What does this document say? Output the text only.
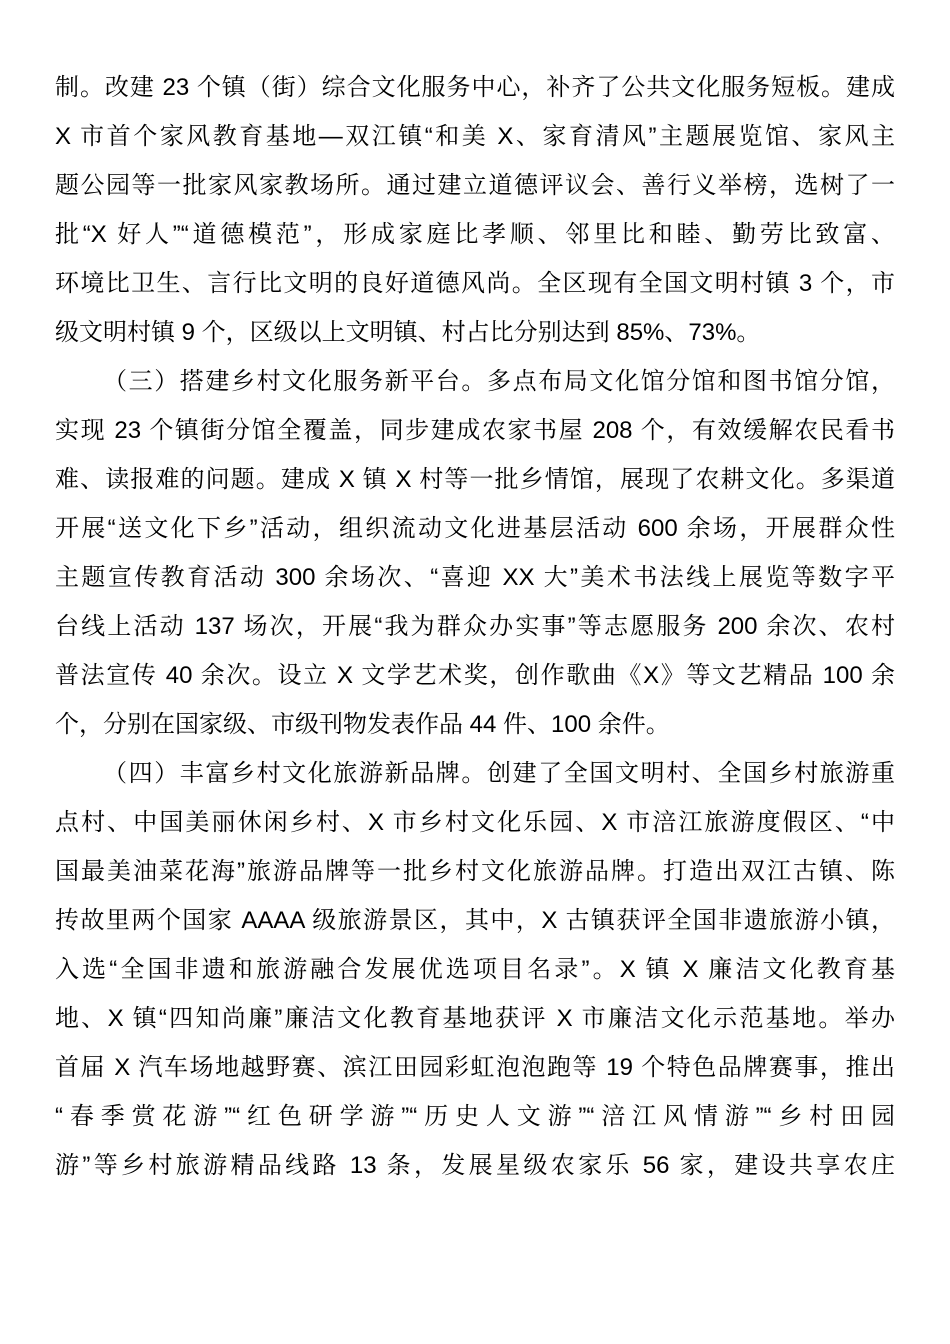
制。改建 23 个镇（街）综合文化服务中心，补齐了公共文化服务短板。建成
X 市首个家风教育基地—双江镇“和美 X、家育清风”主题展览馆、家风主
题公园等一批家风家教场所。通过建立道德评议会、善行义举榜，选树了一
批“X 好人”“道德模范”，形成家庭比孝顺、邻里比和睦、勤劳比致富、
环境比卫生、言行比文明的良好道德风尚。全区现有全国文明村镇 3 个，市
级文明村镇 9 个，区级以上文明镇、村占比分别达到 85%、73%。
（三）搭建乡村文化服务新平台。多点布局文化馆分馆和图书馆分馆，
实现 23 个镇街分馆全覆盖，同步建成农家书屋 208 个，有效缓解农民看书
难、读报难的问题。建成 X 镇 X 村等一批乡情馆，展现了农耕文化。多渠道
开展“送文化下乡”活动，组织流动文化进基层活动 600 余场，开展群众性
主题宣传教育活动 300 余场次、“喜迎 XX 大”美术书法线上展览等数字平
台线上活动 137 场次，开展“我为群众办实事”等志愿服务 200 余次、农村
普法宣传 40 余次。设立 X 文学艺术奖，创作歌曲《X》等文艺精品 100 余
个，分别在国家级、市级刊物发表作品 44 件、100 余件。
（四）丰富乡村文化旅游新品牌。创建了全国文明村、全国乡村旅游重
点村、中国美丽休闲乡村、X 市乡村文化乐园、X 市涪江旅游度假区、“中
国最美油菜花海”旅游品牌等一批乡村文化旅游品牌。打造出双江古镇、陈
抟故里两个国家 AAAA 级旅游景区，其中，X 古镇获评全国非遗旅游小镇，
入选“全国非遗和旅游融合发展优选项目名录”。X 镇 X 廉洁文化教育基
地、X 镇“四知尚廉”廉洁文化教育基地获评 X 市廉洁文化示范基地。举办
首届 X 汽车场地越野赛、滨江田园彩虹泡泡跑等 19 个特色品牌赛事，推出
“春季赏花游”“红色研学游”“历史人文游”“涪江风情游”“乡村田园
游”等乡村旅游精品线路 13 条，发展星级农家乐 56 家，建设共享农庄
